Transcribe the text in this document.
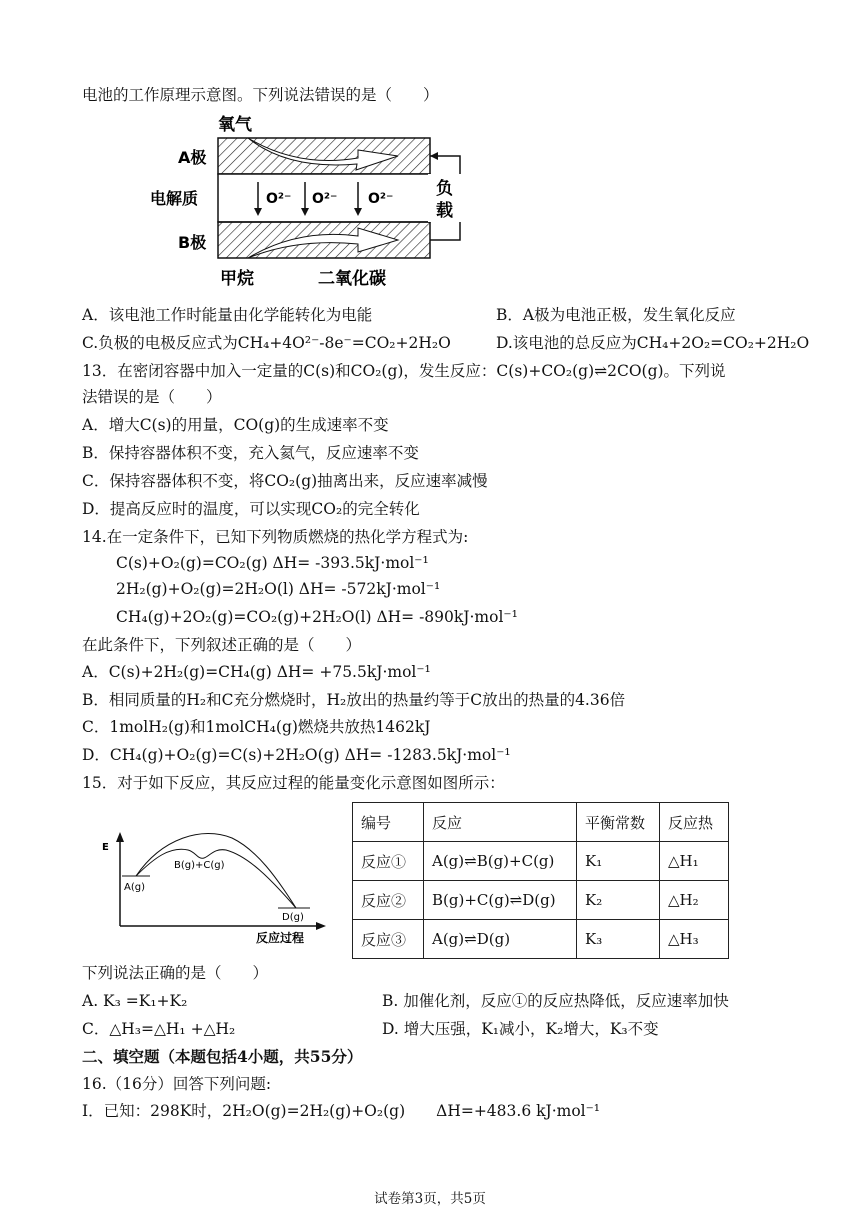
电池的工作原理示意图。下列说法错误的是（　　）
氧气
A极
电解质	O²⁻ O²⁻ O²⁻
B极
负
载
甲烷	二氧化碳
A．该电池工作时能量由化学能转化为电能	B．A极为电池正极，发生氧化反应
C.负极的电极反应式为CH₄+4O²⁻-8e⁻=CO₂+2H₂O	D.该电池的总反应为CH₄+2O₂=CO₂+2H₂O
13．在密闭容器中加入一定量的C(s)和CO₂(g)，发生反应：C(s)+CO₂(g)⇌2CO(g)。下列说
法错误的是（　　）
A．增大C(s)的用量，CO(g)的生成速率不变
B．保持容器体积不变，充入氦气，反应速率不变
C．保持容器体积不变，将CO₂(g)抽离出来，反应速率减慢
D．提高反应时的温度，可以实现CO₂的完全转化
14.在一定条件下，已知下列物质燃烧的热化学方程式为:
C(s)+O₂(g)=CO₂(g) ΔH= -393.5kJ·mol⁻¹
2H₂(g)+O₂(g)=2H₂O(l) ΔH= -572kJ·mol⁻¹
CH₄(g)+2O₂(g)=CO₂(g)+2H₂O(l) ΔH= -890kJ·mol⁻¹
在此条件下，下列叙述正确的是（　　）
A．C(s)+2H₂(g)=CH₄(g) ΔH= +75.5kJ·mol⁻¹
B．相同质量的H₂和C充分燃烧时，H₂放出的热量约等于C放出的热量的4.36倍
C．1molH₂(g)和1molCH₄(g)燃烧共放热1462kJ
D．CH₄(g)+O₂(g)=C(s)+2H₂O(g) ΔH= -1283.5kJ·mol⁻¹
15．对于如下反应，其反应过程的能量变化示意图如图所示：
E
反应过程
A(g)
B(g)+C(g)
D(g)
编号	反应	平衡常数	反应热
反应①	A(g)⇌B(g)+C(g)	K₁	△H₁
反应②	B(g)+C(g)⇌D(g)	K₂	△H₂
反应③	A(g)⇌D(g)	K₃	△H₃
下列说法正确的是（　　）
A. K₃ =K₁+K₂	B. 加催化剂，反应①的反应热降低，反应速率加快
C．△H₃=△H₁ +△H₂	D. 增大压强，K₁减小，K₂增大，K₃不变
二、填空题（本题包括4小题，共55分）
16.（16分）回答下列问题:
Ⅰ．已知：298K时，2H₂O(g)=2H₂(g)+O₂(g)　　ΔH=+483.6 kJ·mol⁻¹
试卷第3页，共5页
